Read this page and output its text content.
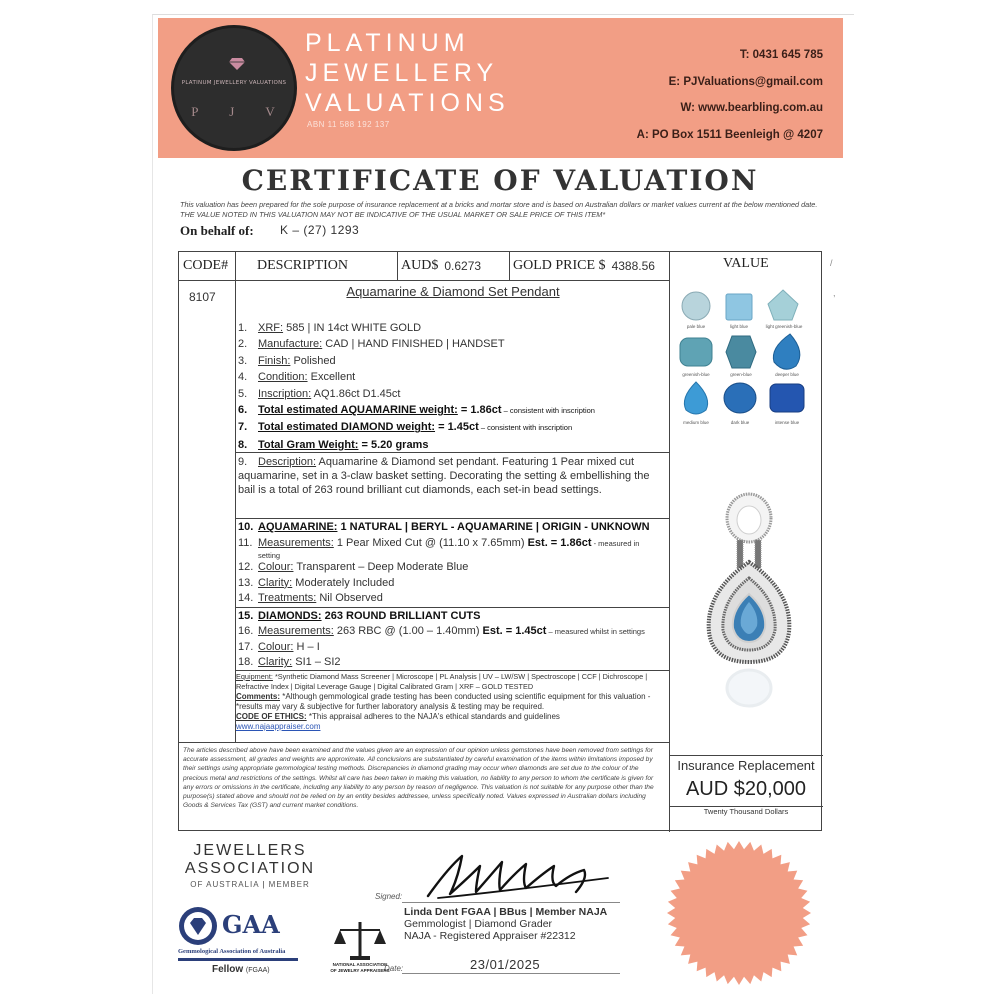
PLATINUM JEWELLERY VALUATIONS
P J V
PLATINUM
JEWELLERY
VALUATIONS
ABN 11 588 192 137
T: 0431 645 785
E: PJValuations@gmail.com
W: www.bearbling.com.au
A: PO Box 1511 Beenleigh @ 4207
CERTIFICATE OF VALUATION
This valuation has been prepared for the sole purpose of insurance replacement at a bricks and mortar store and is based on Australian dollars or market values current at the below mentioned date.
THE VALUE NOTED IN THIS VALUATION MAY NOT BE INDICATIVE OF THE USUAL MARKET OR SALE PRICE OF THIS ITEM*
On behalf of: K – (27) 1293
CODE# DESCRIPTION	AUD$ 0.6273 GOLD PRICE $ 4388.56	VALUE
8107	Aquamarine & Diamond Set Pendant
1. XRF: 585 | IN 14ct WHITE GOLD
2. Manufacture: CAD | HAND FINISHED | HANDSET
3. Finish: Polished
4. Condition: Excellent
5. Inscription: AQ1.86ct D1.45ct
6. Total estimated AQUAMARINE weight: = 1.86ct – consistent with inscription
7. Total estimated DIAMOND weight: = 1.45ct – consistent with inscription
8. Total Gram Weight: = 5.20 grams
9. Description: Aquamarine & Diamond set pendant. Featuring 1 Pear mixed cut aquamarine, set in a 3-claw basket setting. Decorating the setting & embellishing the bail is a total of 263 round brilliant cut diamonds, each set-in bead settings.
10. AQUAMARINE: 1 NATURAL | BERYL - AQUAMARINE | ORIGIN - UNKNOWN
11. Measurements: 1 Pear Mixed Cut @ (11.10 x 7.65mm) Est. = 1.86ct - measured in
setting
12. Colour: Transparent – Deep Moderate Blue
13. Clarity: Moderately Included
14. Treatments: Nil Observed
15. DIAMONDS: 263 ROUND BRILLIANT CUTS
16. Measurements: 263 RBC @ (1.00 – 1.40mm) Est. = 1.45ct – measured whilst in settings
17. Colour: H – I
18. Clarity: SI1 – SI2
Equipment: *Synthetic Diamond Mass Screener | Microscope | PL Analysis | UV – LW/SW | Spectroscope | CCF | Dichroscope | Refractive Index | Digital Leverage Gauge | Digital Calibrated Gram | XRF – GOLD TESTED
Comments: *Although gemmological grade testing has been conducted using scientific equipment for this valuation - *results may vary & subjective for further laboratory analysis & testing may be required.
CODE OF ETHICS: *This appraisal adheres to the NAJA's ethical standards and guidelines
www.najaappraiser.com
The articles described above have been examined and the values given are an expression of our opinion unless gemstones have been removed from settings for accurate assessment, all grades and weights are approximate. All conclusions are substantiated by careful examination of the items within limitations imposed by their settings using appropriate gemmological testing methods. Discrepancies in diamond grading may occur when diamonds are set due to the colour of the precious metal and restrictions of the settings. Whilst all care has been taken in making this valuation, no liability to any person to whom the certificate is given for any errors or omissions in the certificate, including any liability to any person by reason of negligence. This valuation is not suitable for any purpose other than the purpose(s) stated above and should not be relied on by an entity besides addressee, unless specifically noted. Values expressed in Australian dollars including Goods & Services Tax (GST) and current market conditions.
pale blue	light blue	light greenish-blue
greenish-blue	green-blue	deeper blue
medium blue	dark blue	intense blue
Insurance Replacement
AUD $20,000
Twenty Thousand Dollars
/
,
JEWELLERS
ASSOCIATION
OF AUSTRALIA | MEMBER
GAA
Gemmological Association of Australia
Fellow (FGAA)
NATIONAL ASSOCIATION OF JEWELRY APPRAISERS
Signed:
Linda Dent FGAA | BBus | Member NAJA
Gemmologist | Diamond Grader
NAJA - Registered Appraiser #22312
Date:	23/01/2025
